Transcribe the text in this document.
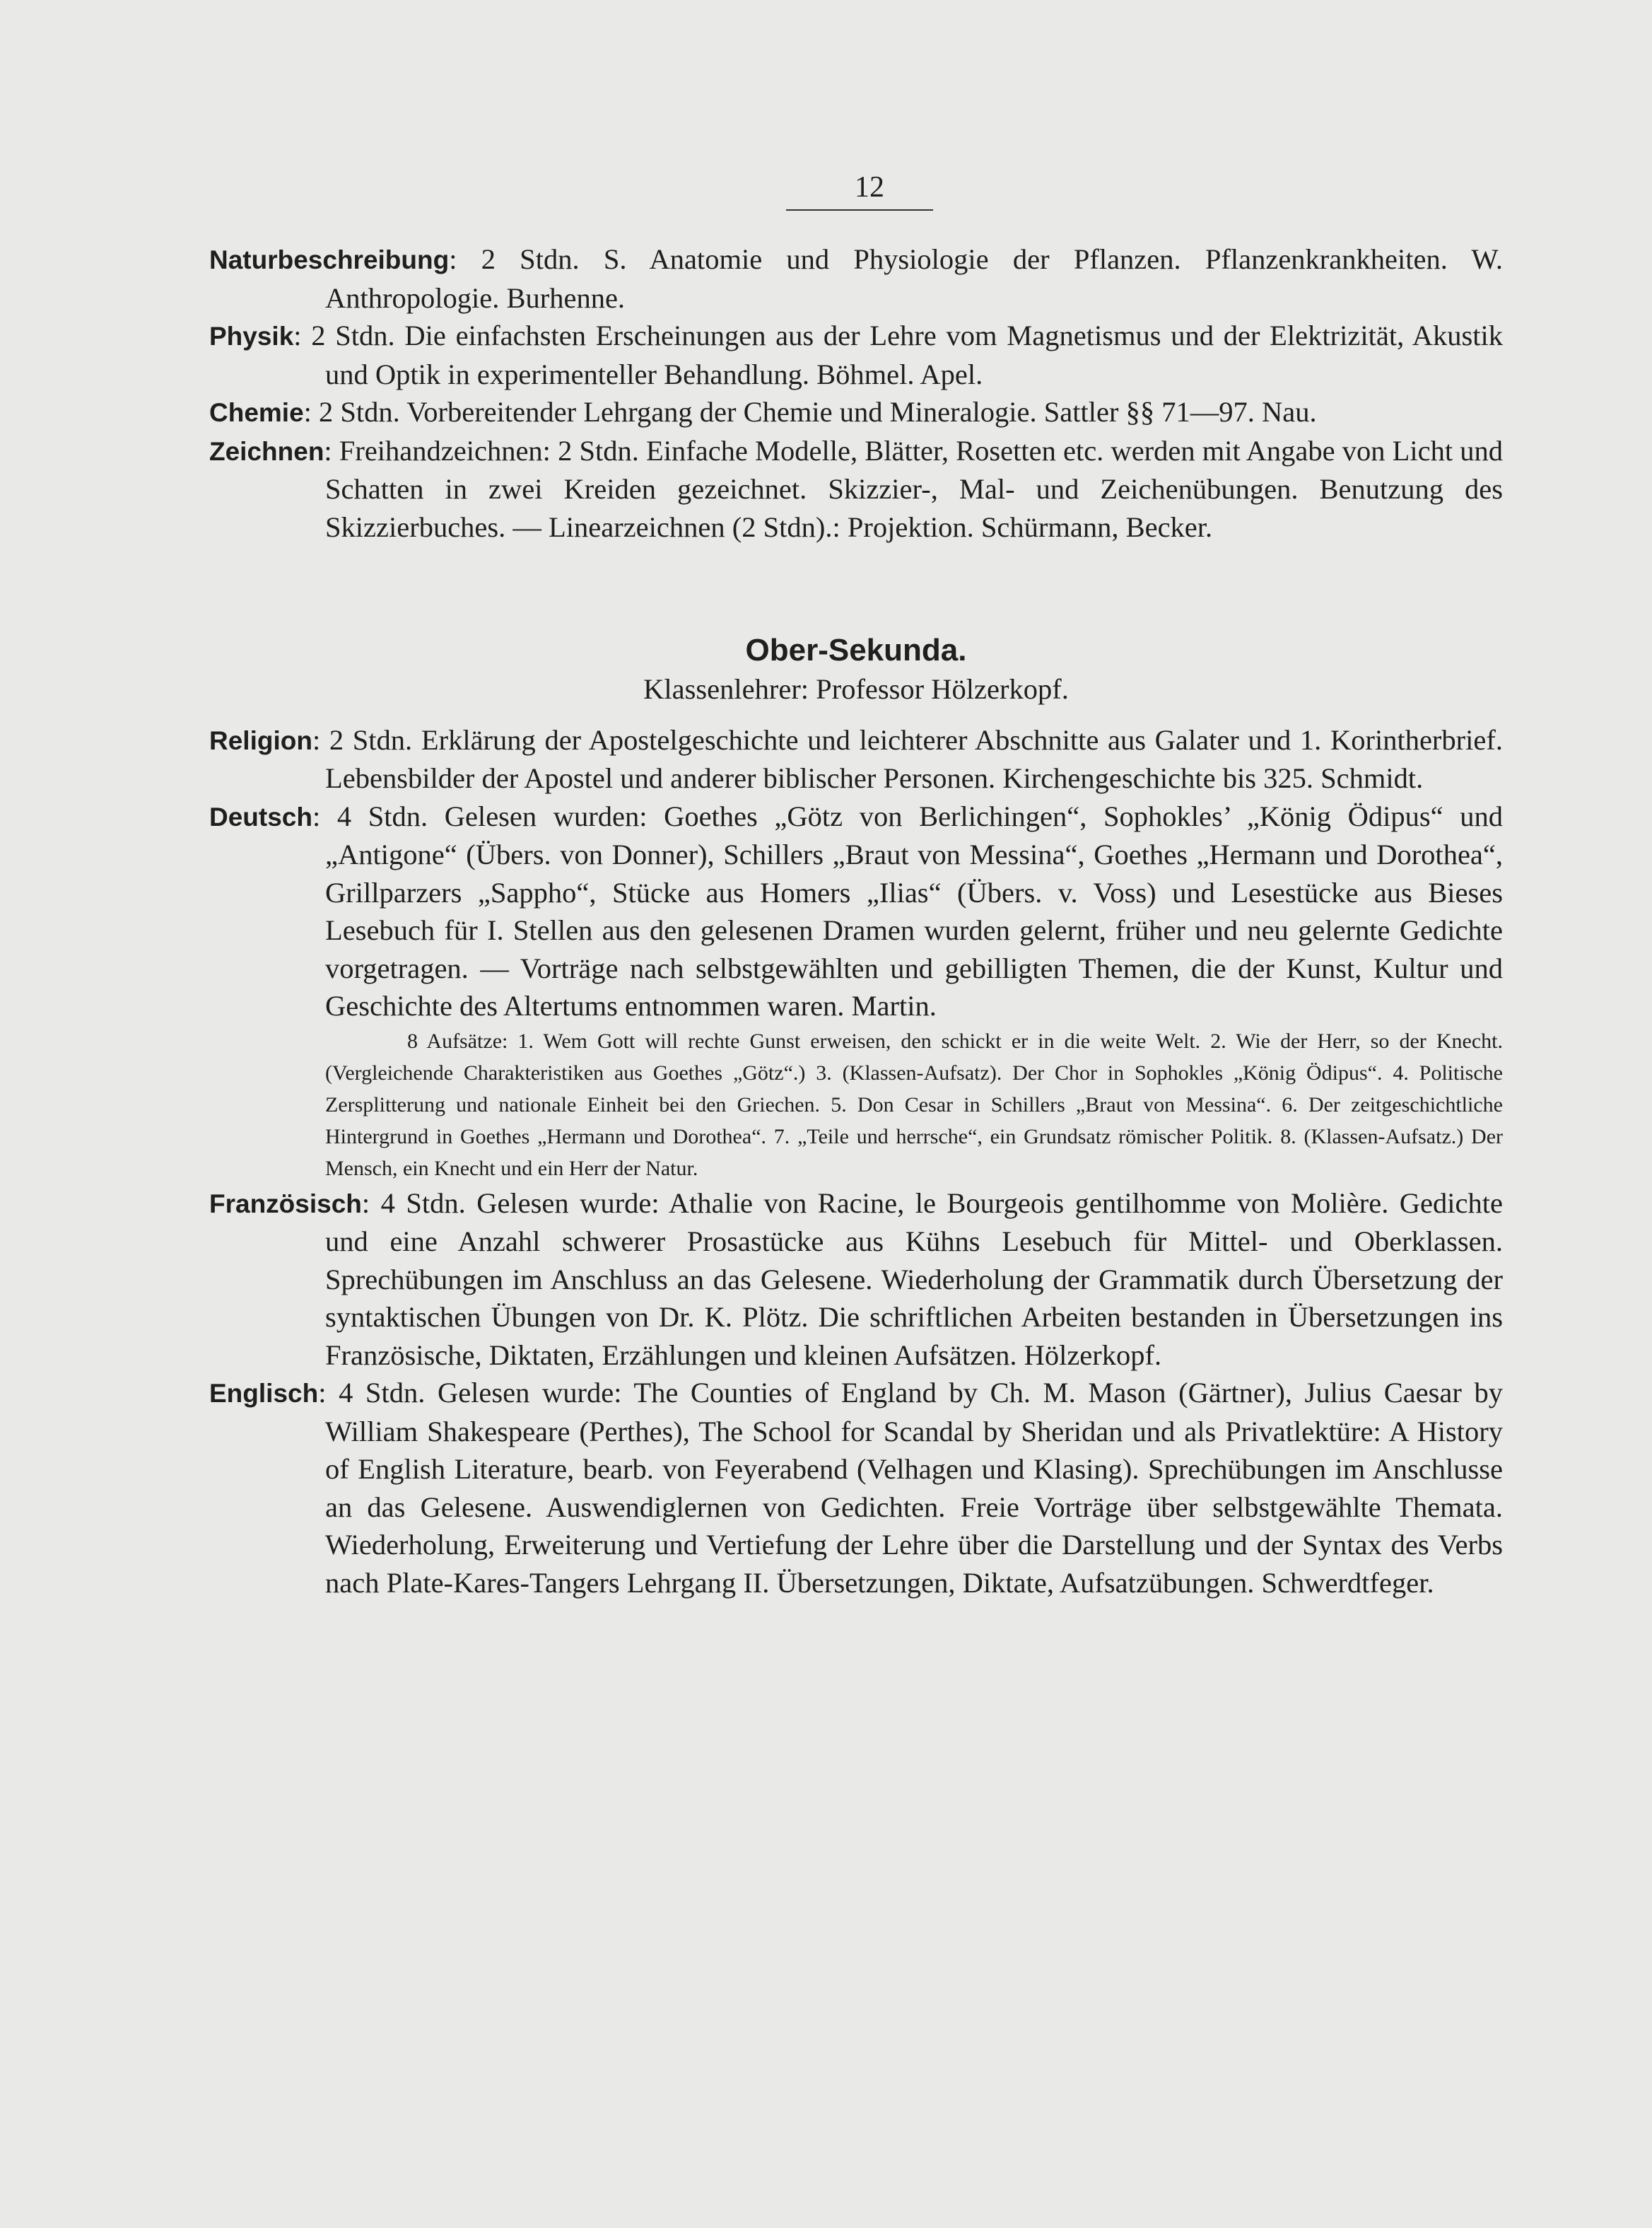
12

Naturbeschreibung: 2 Stdn. S. Anatomie und Physiologie der Pflanzen. Pflanzenkrankheiten. W. Anthropologie. Burhenne.

Physik: 2 Stdn. Die einfachsten Erscheinungen aus der Lehre vom Magnetismus und der Elektrizität, Akustik und Optik in experimenteller Behandlung. Böhmel. Apel.

Chemie: 2 Stdn. Vorbereitender Lehrgang der Chemie und Mineralogie. Sattler §§ 71—97. Nau.

Zeichnen: Freihandzeichnen: 2 Stdn. Einfache Modelle, Blätter, Rosetten etc. werden mit Angabe von Licht und Schatten in zwei Kreiden gezeichnet. Skizzier-, Mal- und Zeichenübungen. Benutzung des Skizzierbuches. — Linearzeichnen (2 Stdn).: Projektion. Schürmann, Becker.

Ober-Sekunda.

Klassenlehrer: Professor Hölzerkopf.

Religion: 2 Stdn. Erklärung der Apostelgeschichte und leichterer Abschnitte aus Galater und 1. Korintherbrief. Lebensbilder der Apostel und anderer biblischer Personen. Kirchengeschichte bis 325. Schmidt.

Deutsch: 4 Stdn. Gelesen wurden: Goethes „Götz von Berlichingen“, Sophokles’ „König Ödipus“ und „Antigone“ (Übers. von Donner), Schillers „Braut von Messina“, Goethes „Hermann und Dorothea“, Grillparzers „Sappho“, Stücke aus Homers „Ilias“ (Übers. v. Voss) und Lesestücke aus Bieses Lesebuch für I. Stellen aus den gelesenen Dramen wurden gelernt, früher und neu gelernte Gedichte vorgetragen. — Vorträge nach selbstgewählten und gebilligten Themen, die der Kunst, Kultur und Geschichte des Altertums entnommen waren. Martin.

8 Aufsätze: 1. Wem Gott will rechte Gunst erweisen, den schickt er in die weite Welt. 2. Wie der Herr, so der Knecht. (Vergleichende Charakteristiken aus Goethes „Götz“.) 3. (Klassen-Aufsatz). Der Chor in Sophokles „König Ödipus“. 4. Politische Zersplitterung und nationale Einheit bei den Griechen. 5. Don Cesar in Schillers „Braut von Messina“. 6. Der zeitgeschichtliche Hintergrund in Goethes „Hermann und Dorothea“. 7. „Teile und herrsche“, ein Grundsatz römischer Politik. 8. (Klassen-Aufsatz.) Der Mensch, ein Knecht und ein Herr der Natur.

Französisch: 4 Stdn. Gelesen wurde: Athalie von Racine, le Bourgeois gentilhomme von Molière. Gedichte und eine Anzahl schwerer Prosastücke aus Kühns Lesebuch für Mittel- und Oberklassen. Sprechübungen im Anschluss an das Gelesene. Wiederholung der Grammatik durch Übersetzung der syntaktischen Übungen von Dr. K. Plötz. Die schriftlichen Arbeiten bestanden in Übersetzungen ins Französische, Diktaten, Erzählungen und kleinen Aufsätzen. Hölzerkopf.

Englisch: 4 Stdn. Gelesen wurde: The Counties of England by Ch. M. Mason (Gärtner), Julius Caesar by William Shakespeare (Perthes), The School for Scandal by Sheridan und als Privatlektüre: A History of English Literature, bearb. von Feyerabend (Velhagen und Klasing). Sprechübungen im Anschlusse an das Gelesene. Auswendiglernen von Gedichten. Freie Vorträge über selbstgewählte Themata. Wiederholung, Erweiterung und Vertiefung der Lehre über die Darstellung und der Syntax des Verbs nach Plate-Kares-Tangers Lehrgang II. Übersetzungen, Diktate, Aufsatzübungen. Schwerdtfeger.
